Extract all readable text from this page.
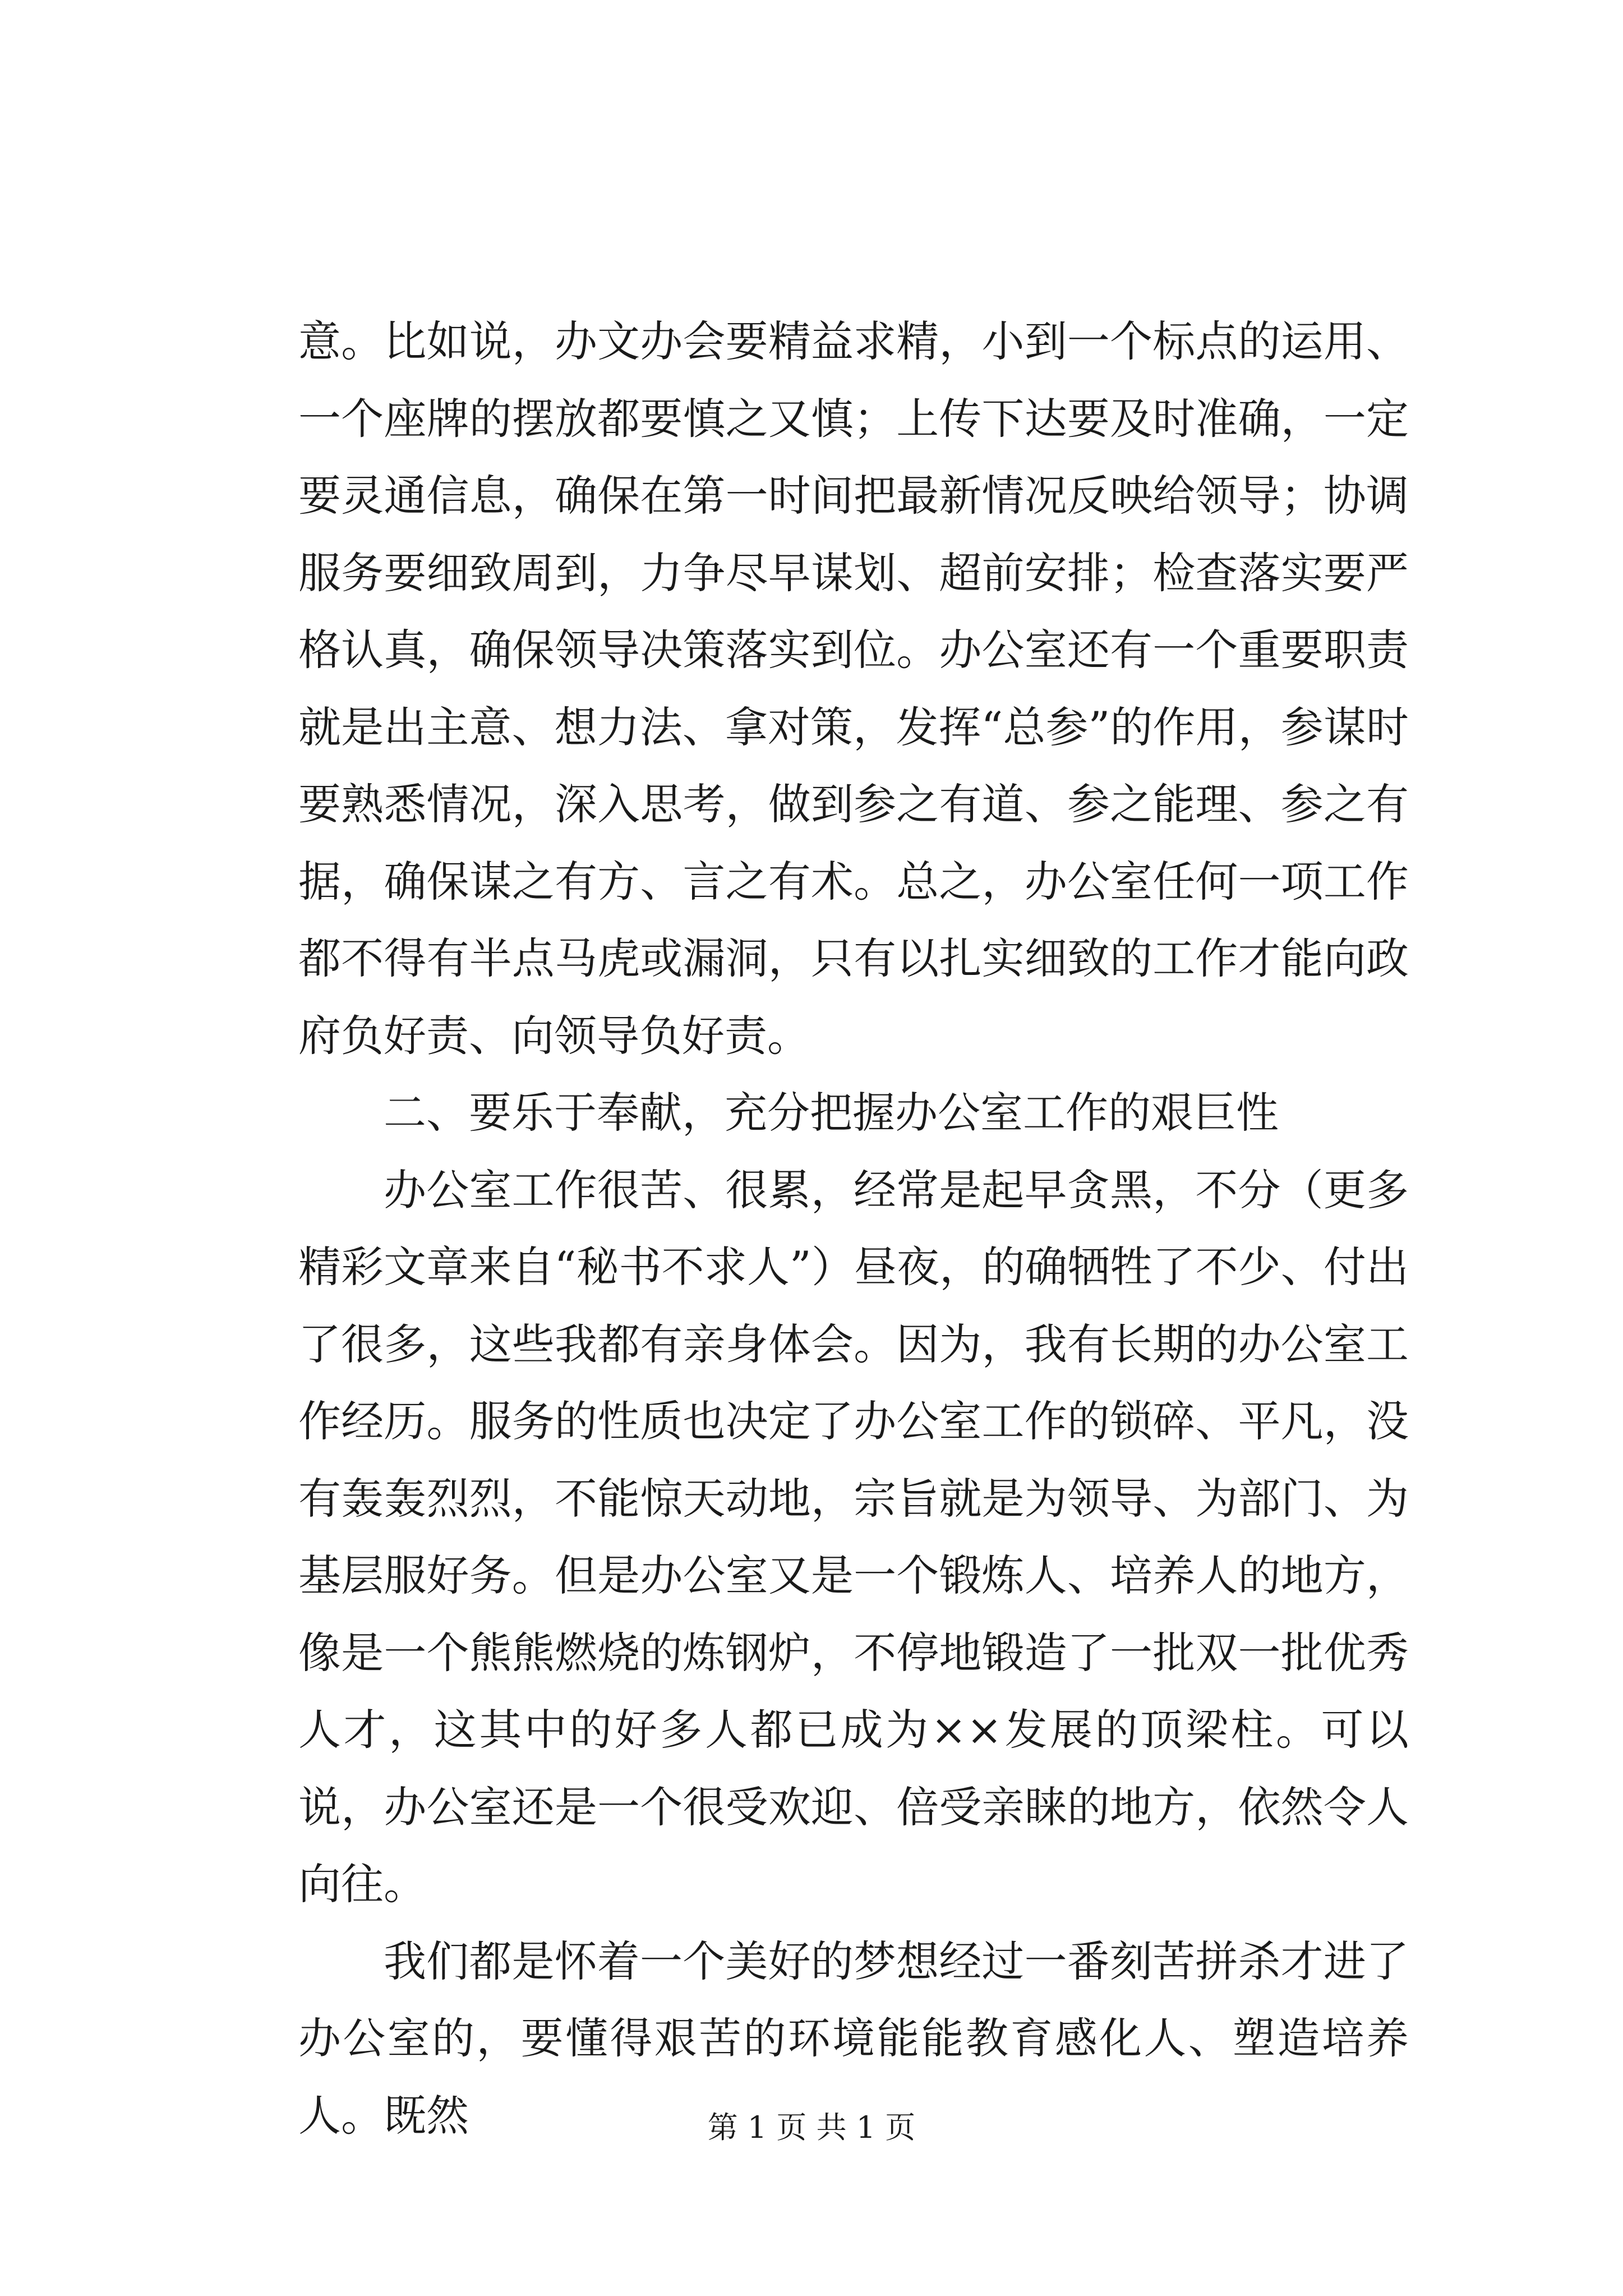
意。比如说，办文办会要精益求精，小到一个标点的运用、一个座牌的摆放都要慎之又慎；上传下达要及时准确，一定要灵通信息，确保在第一时间把最新情况反映给领导；协调服务要细致周到，力争尽早谋划、超前安排；检查落实要严格认真，确保领导决策落实到位。办公室还有一个重要职责就是出主意、想力法、拿对策，发挥“总参”的作用，参谋时要熟悉情况，深入思考，做到参之有道、参之能理、参之有据，确保谋之有方、言之有术。总之，办公室任何一项工作都不得有半点马虎或漏洞，只有以扎实细致的工作才能向政府负好责、向领导负好责。

二、要乐于奉献，充分把握办公室工作的艰巨性

办公室工作很苦、很累，经常是起早贪黑，不分（更多精彩文章来自“秘书不求人”）昼夜，的确牺牲了不少、付出了很多，这些我都有亲身体会。因为，我有长期的办公室工作经历。服务的性质也决定了办公室工作的锁碎、平凡，没有轰轰烈烈，不能惊天动地，宗旨就是为领导、为部门、为基层服好务。但是办公室又是一个锻炼人、培养人的地方，像是一个熊熊燃烧的炼钢炉，不停地锻造了一批双一批优秀人才，这其中的好多人都已成为××发展的顶梁柱。可以说，办公室还是一个很受欢迎、倍受亲睐的地方，依然令人向往。

我们都是怀着一个美好的梦想经过一番刻苦拼杀才进了办公室的，要懂得艰苦的环境能能教育感化人、塑造培养人。既然	第 1 页 共 1 页
